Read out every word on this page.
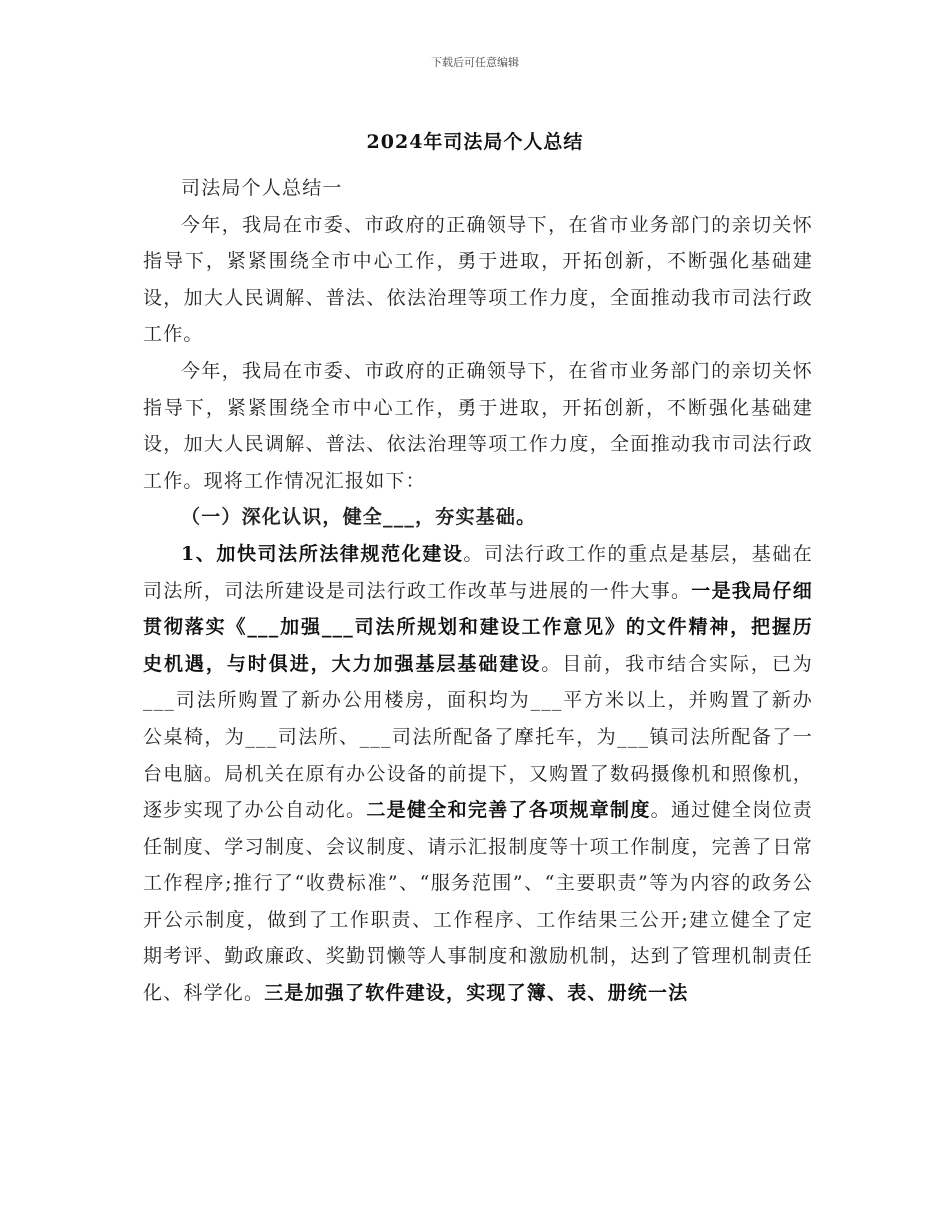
下载后可任意编辑
2024年司法局个人总结

司法局个人总结一

今年，我局在市委、市政府的正确领导下，在省市业务部门的亲切关怀指导下，紧紧围绕全市中心工作，勇于进取，开拓创新，不断强化基础建设，加大人民调解、普法、依法治理等项工作力度，全面推动我市司法行政工作。

今年，我局在市委、市政府的正确领导下，在省市业务部门的亲切关怀指导下，紧紧围绕全市中心工作，勇于进取，开拓创新，不断强化基础建设，加大人民调解、普法、依法治理等项工作力度，全面推动我市司法行政工作。现将工作情况汇报如下：

（一）深化认识，健全___，夯实基础。

1、加快司法所法律规范化建设。司法行政工作的重点是基层，基础在司法所，司法所建设是司法行政工作改革与进展的一件大事。一是我局仔细贯彻落实《___加强___司法所规划和建设工作意见》的文件精神，把握历史机遇，与时俱进，大力加强基层基础建设。目前，我市结合实际，已为___司法所购置了新办公用楼房，面积均为___平方米以上，并购置了新办公桌椅，为___司法所、___司法所配备了摩托车，为___镇司法所配备了一台电脑。局机关在原有办公设备的前提下，又购置了数码摄像机和照像机，逐步实现了办公自动化。二是健全和完善了各项规章制度。通过健全岗位责任制度、学习制度、会议制度、请示汇报制度等十项工作制度，完善了日常工作程序;推行了“收费标准”、“服务范围”、“主要职责”等为内容的政务公开公示制度，做到了工作职责、工作程序、工作结果三公开;建立健全了定期考评、勤政廉政、奖勤罚懒等人事制度和激励机制，达到了管理机制责任化、科学化。三是加强了软件建设，实现了簿、表、册统一法
